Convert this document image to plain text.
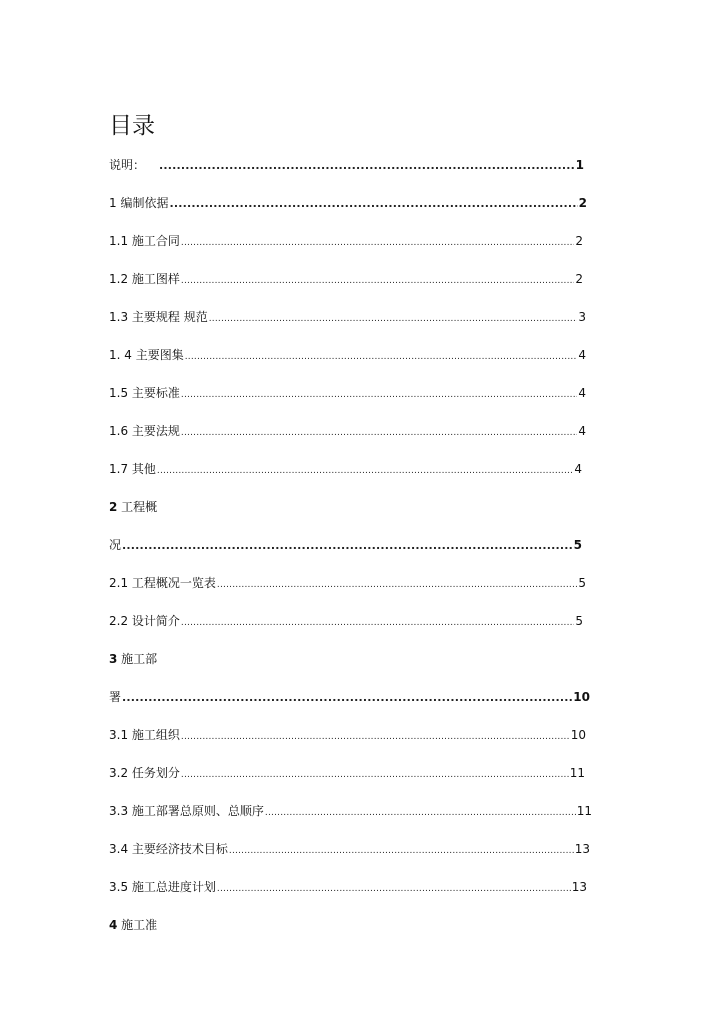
目录
说明： .....	1
1 编制依据 .....	2
1.1 施工合同 .....	2
1.2 施工图样 .....	2
1.3 主要规程 规范 .....	3
1. 4 主要图集 .....	4
1.5 主要标准 .....	4
1.6 主要法规 .....	4
1.7 其他 .....	4
2 工程概
况 .....	5
2.1 工程概况一览表 .....	5
2.2 设计简介 .....	5
3 施工部
署 .....	10
3.1 施工组织 .....	10
3.2 任务划分 .....	11
3.3 施工部署总原则、总顺序 .....	11
3.4 主要经济技术目标 .....	13
3.5 施工总进度计划 .....	13
4 施工准
